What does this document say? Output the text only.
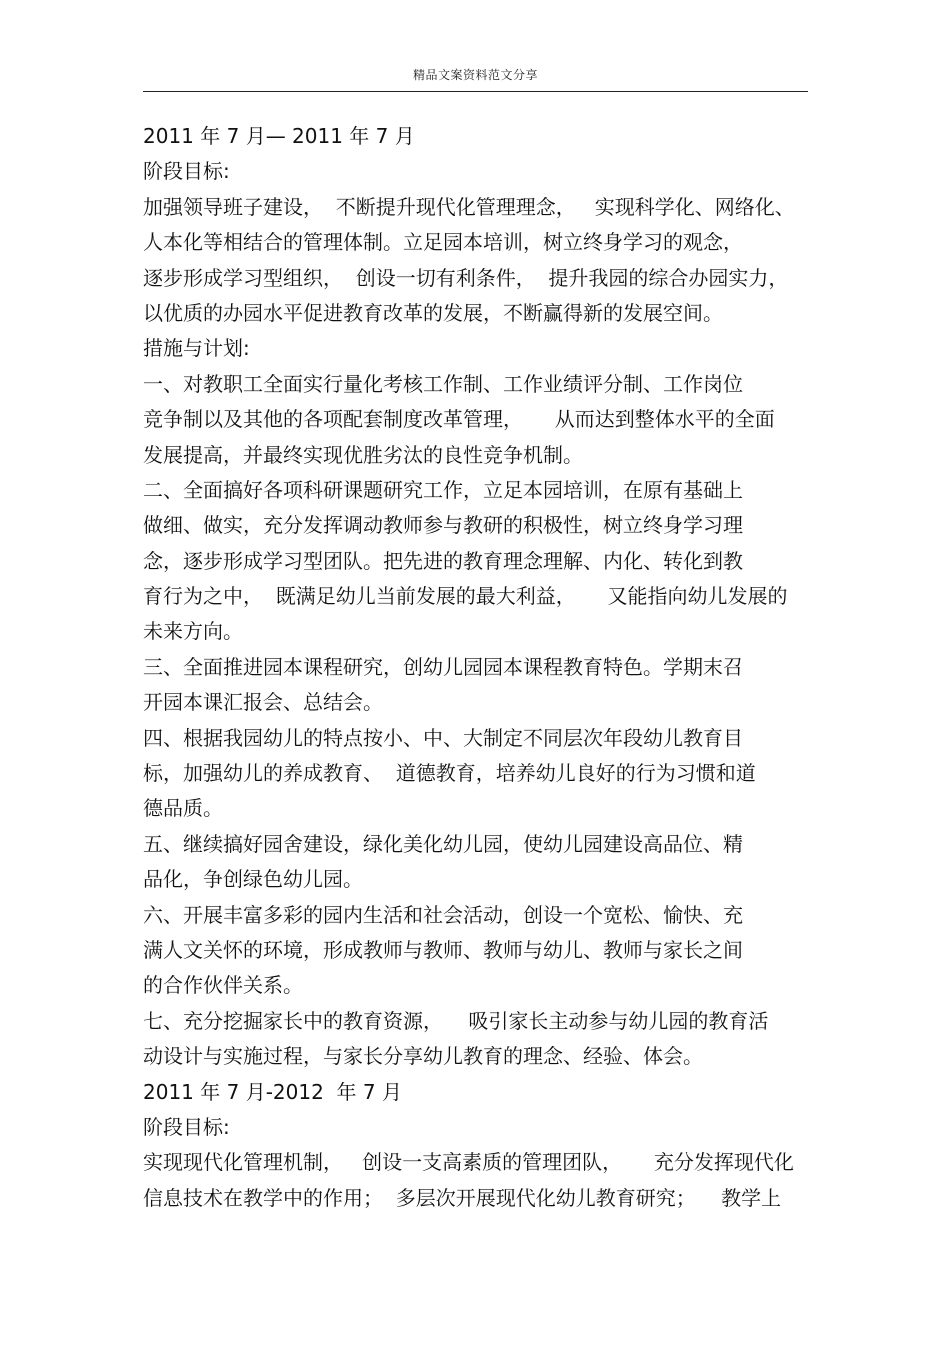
精品文案资料范文分享
2011 年 7 月— 2011 年 7 月
阶段目标:
加强领导班子建设，  不断提升现代化管理理念，   实现科学化、网络化、
人本化等相结合的管理体制。立足园本培训，树立终身学习的观念，
逐步形成学习型组织，  创设一切有利条件，  提升我园的综合办园实力，
以优质的办园水平促进教育改革的发展，不断赢得新的发展空间。
措施与计划:
一、对教职工全面实行量化考核工作制、工作业绩评分制、工作岗位
竞争制以及其他的各项配套制度改革管理，     从而达到整体水平的全面
发展提高，并最终实现优胜劣汰的良性竞争机制。
二、全面搞好各项科研课题研究工作，立足本园培训，在原有基础上
做细、做实，充分发挥调动教师参与教研的积极性，树立终身学习理
念，逐步形成学习型团队。把先进的教育理念理解、内化、转化到教
育行为之中，  既满足幼儿当前发展的最大利益，     又能指向幼儿发展的
未来方向。
三、全面推进园本课程研究，创幼儿园园本课程教育特色。学期末召
开园本课汇报会、总结会。
四、根据我园幼儿的特点按小、中、大制定不同层次年段幼儿教育目
标，加强幼儿的养成教育、  道德教育，培养幼儿良好的行为习惯和道
德品质。
五、继续搞好园舍建设，绿化美化幼儿园，使幼儿园建设高品位、精
品化，争创绿色幼儿园。
六、开展丰富多彩的园内生活和社会活动，创设一个宽松、愉快、充
满人文关怀的环境，形成教师与教师、教师与幼儿、教师与家长之间
的合作伙伴关系。
七、充分挖掘家长中的教育资源，    吸引家长主动参与幼儿园的教育活
动设计与实施过程，与家长分享幼儿教育的理念、经验、体会。
2011 年 7 月-2012  年 7 月
阶段目标:
实现现代化管理机制，   创设一支高素质的管理团队，     充分发挥现代化
信息技术在教学中的作用；  多层次开展现代化幼儿教育研究；    教学上
